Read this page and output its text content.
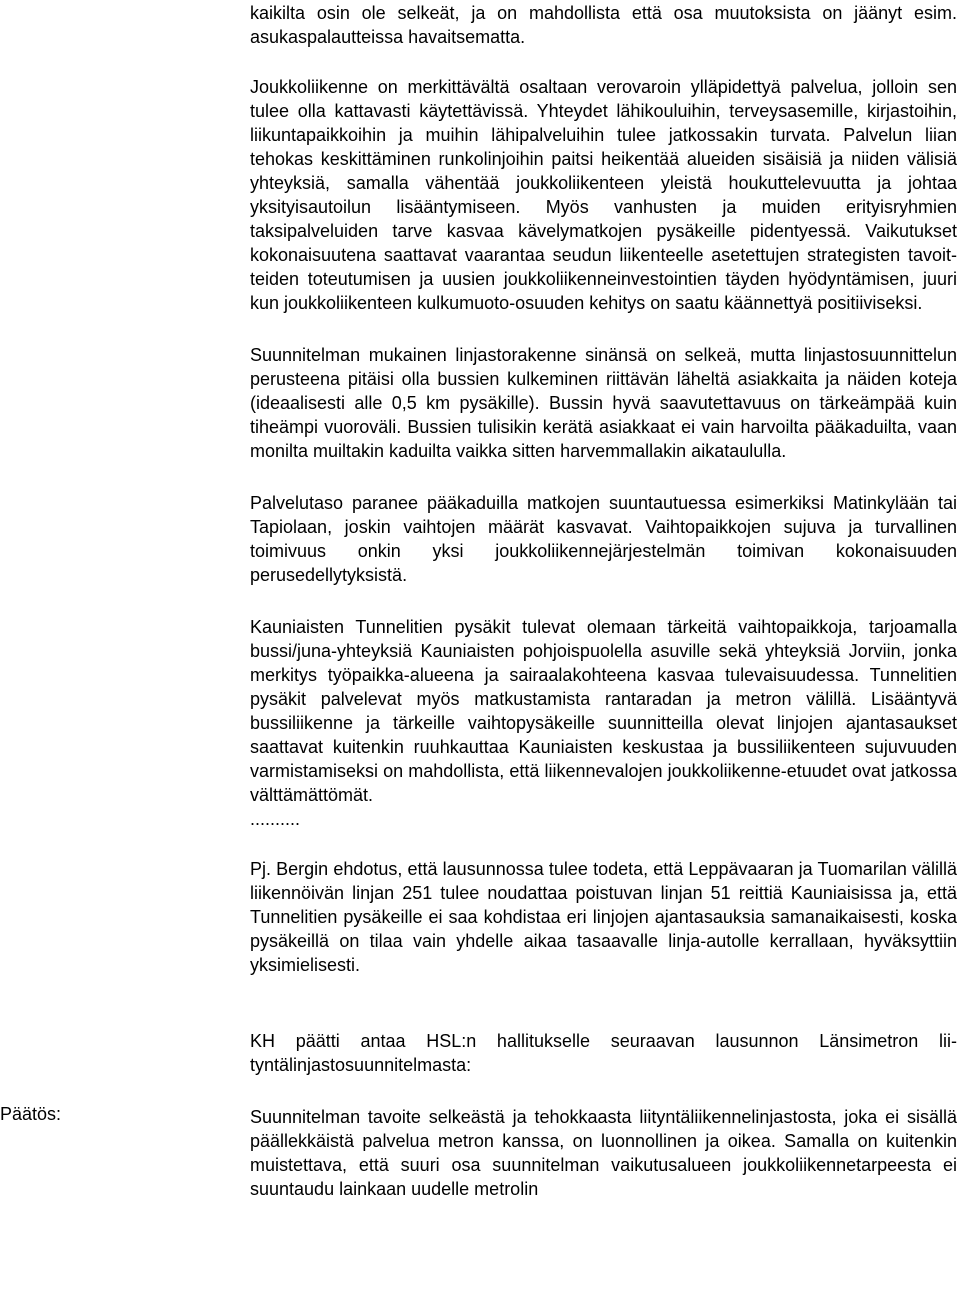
Päätös:

kaikilta osin ole selkeät, ja on mahdollista että osa muutoksista on jäänyt esim. asukaspalautteissa havaitsematta.

Joukkoliikenne on merkittävältä osaltaan verovaroin ylläpidettyä palvelua, jolloin sen tulee olla kattavasti käytettävissä. Yhteydet lähikouluihin, terveysasemille, kirjastoihin, liikuntapaikkoihin ja muihin lähipalveluihin tulee jatkossakin turvata. Palvelun liian tehokas keskittäminen runkolinjoihin paitsi heikentää alueiden sisäisiä ja niiden välisiä yhteyksiä, samalla vähentää joukkoliikenteen yleistä houkuttelevuutta ja johtaa yksityisautoilun lisääntymiseen. Myös vanhusten ja muiden erityisryhmien taksipalveluiden tarve kasvaa kävelymatkojen pysäkeille pidentyessä. Vaikutukset kokonaisuutena saattavat vaarantaa seudun liikenteelle asetettujen strategisten tavoitteiden toteutumisen ja uusien joukkoliikenneinvestointien täyden hyödyntämisen, juuri kun joukkoliikenteen kulkumuoto-osuuden kehitys on saatu käännettyä positiiviseksi.

Suunnitelman mukainen linjastorakenne sinänsä on selkeä, mutta linjastosuunnittelun perusteena pitäisi olla bussien kulkeminen riittävän läheltä asiakkaita ja näiden koteja (ideaalisesti alle 0,5 km pysäkille). Bussin hyvä saavutettavuus on tärkeämpää kuin tiheämpi vuoroväli. Bussien tulisikin kerätä asiakkaat ei vain harvoilta pääkaduilta, vaan monilta muiltakin kaduilta vaikka sitten harvemmallakin aikataululla.

Palvelutaso paranee pääkaduilla matkojen suuntautuessa esimerkiksi Matinkylään tai Tapiolaan, joskin vaihtojen määrät kasvavat. Vaihtopaikkojen sujuva ja turvallinen toimivuus onkin yksi joukkoliikennejärjestelmän toimivan kokonaisuuden perusedellytyksistä.

Kauniaisten Tunnelitien pysäkit tulevat olemaan tärkeitä vaihtopaikkoja, tarjoamalla bussi/juna-yhteyksiä Kauniaisten pohjoispuolella asuville sekä yhteyksiä Jorviin, jonka merkitys työpaikka-alueena ja sairaalakohteena kasvaa tulevaisuudessa. Tunnelitien pysäkit palvelevat myös matkustamista rantaradan ja metron välillä. Lisääntyvä bussiliikenne ja tärkeille vaihtopysäkeille suunnitteilla olevat linjojen ajantasaukset saattavat kuitenkin ruuhkauttaa Kauniaisten keskustaa ja bussiliikenteen sujuvuuden varmistamiseksi on mahdollista, että liikennevalojen joukkoliikenne-etuudet ovat jatkossa välttämättömät.

..........

Pj. Bergin ehdotus, että lausunnossa tulee todeta, että Leppävaaran ja Tuomarilan välillä liikennöivän linjan 251 tulee noudattaa poistuvan linjan 51 reittiä Kauniaisissa ja, että Tunnelitien pysäkeille ei saa kohdistaa eri linjojen ajantasauksia samanaikaisesti, koska pysäkeillä on tilaa vain yhdelle aikaa tasaavalle linja-autolle kerrallaan, hyväksyttiin yksimielisesti.

KH päätti antaa HSL:n hallitukselle seuraavan lausunnon Länsimetron liityntälinjastosuunnitelmasta:

Suunnitelman tavoite selkeästä ja tehokkaasta liityntäliikennelinjastosta, joka ei sisällä päällekkäistä palvelua metron kanssa, on luonnollinen ja oikea. Samalla on kuitenkin muistettava, että suuri osa suunnitelman vaikutusalueen joukkoliikennetarpeesta ei suuntaudu lainkaan uudelle metrolin
